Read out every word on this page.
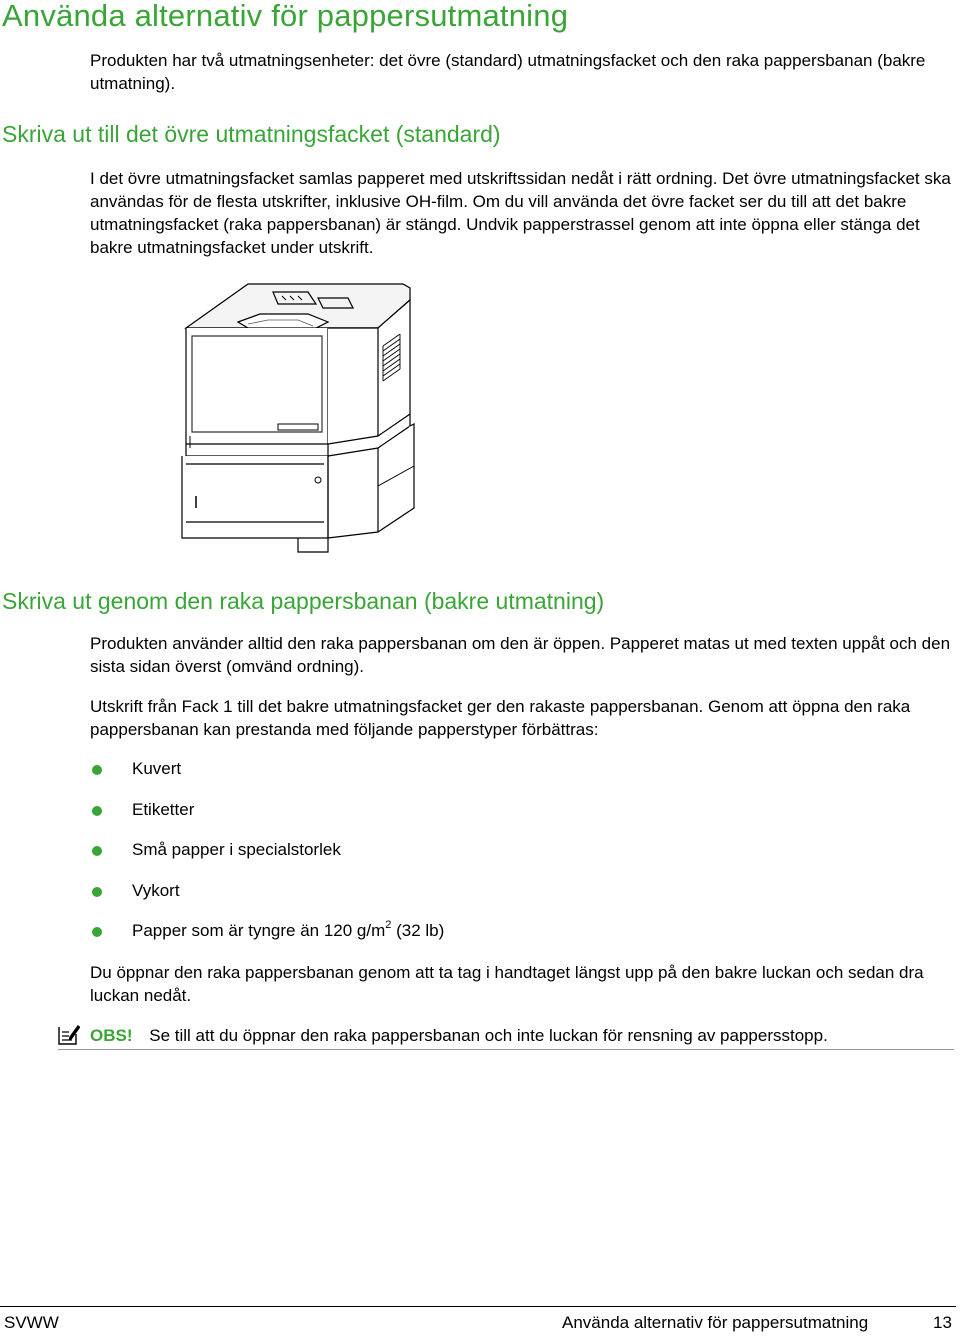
Använda alternativ för pappersutmatning

Produkten har två utmatningsenheter: det övre (standard) utmatningsfacket och den raka pappersbanan (bakre utmatning).

Skriva ut till det övre utmatningsfacket (standard)

I det övre utmatningsfacket samlas papperet med utskriftssidan nedåt i rätt ordning. Det övre utmatningsfacket ska användas för de flesta utskrifter, inklusive OH-film. Om du vill använda det övre facket ser du till att det bakre utmatningsfacket (raka pappersbanan) är stängd. Undvik papperstrassel genom att inte öppna eller stänga det bakre utmatningsfacket under utskrift.

Skriva ut genom den raka pappersbanan (bakre utmatning)

Produkten använder alltid den raka pappersbanan om den är öppen. Papperet matas ut med texten uppåt och den sista sidan överst (omvänd ordning).

Utskrift från Fack 1 till det bakre utmatningsfacket ger den rakaste pappersbanan. Genom att öppna den raka pappersbanan kan prestanda med följande papperstyper förbättras:

Kuvert
Etiketter
Små papper i specialstorlek
Vykort
Papper som är tyngre än 120 $g/m^2$ (32 lb)

Du öppnar den raka pappersbanan genom att ta tag i handtaget längst upp på den bakre luckan och sedan dra luckan nedåt.

OBS! Se till att du öppnar den raka pappersbanan och inte luckan för rensning av pappersstopp.
SVWW	Använda alternativ för pappersutmatning	13
